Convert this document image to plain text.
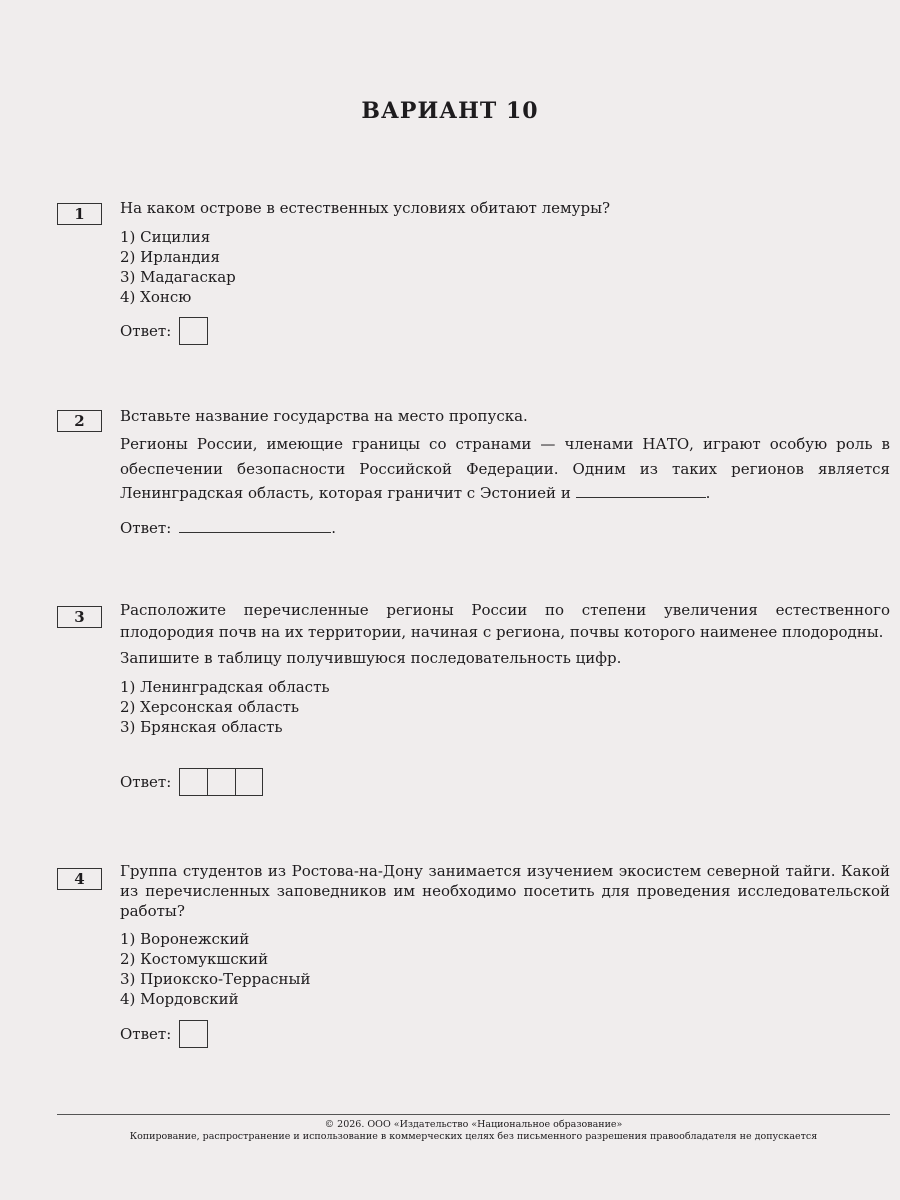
ВАРИАНТ 10
1	На каком острове в естественных условиях обитают лемуры?

1) Сицилия

2) Ирландия

3) Мадагаскар

4) Хонсю

Ответ:
2	Вставьте название государства на место пропуска.

Регионы России, имеющие границы со странами — членами НАТО, играют особую роль в обеспечении безопасности Российской Федерации. Одним из таких регионов является Ленинградская область, которая граничит с Эстонией и	.

Ответ:	.
3	Расположите перечисленные регионы России по степени увеличения естественного плодородия почв на их территории, начиная с региона, почвы которого наименее плодородны.

Запишите в таблицу получившуюся последовательность цифр.

1) Ленинградская область

2) Херсонская область

3) Брянская область

Ответ:
4	Группа студентов из Ростова-на-Дону занимается изучением экосистем северной тайги. Какой из перечисленных заповедников им необходимо посетить для проведения исследовательской работы?

1) Воронежский

2) Костомукшский

3) Приокско-Террасный

4) Мордовский

Ответ:
© 2026. ООО «Издательство «Национальное образование»
Копирование, распространение и использование в коммерческих целях без письменного разрешения правообладателя не допускается
